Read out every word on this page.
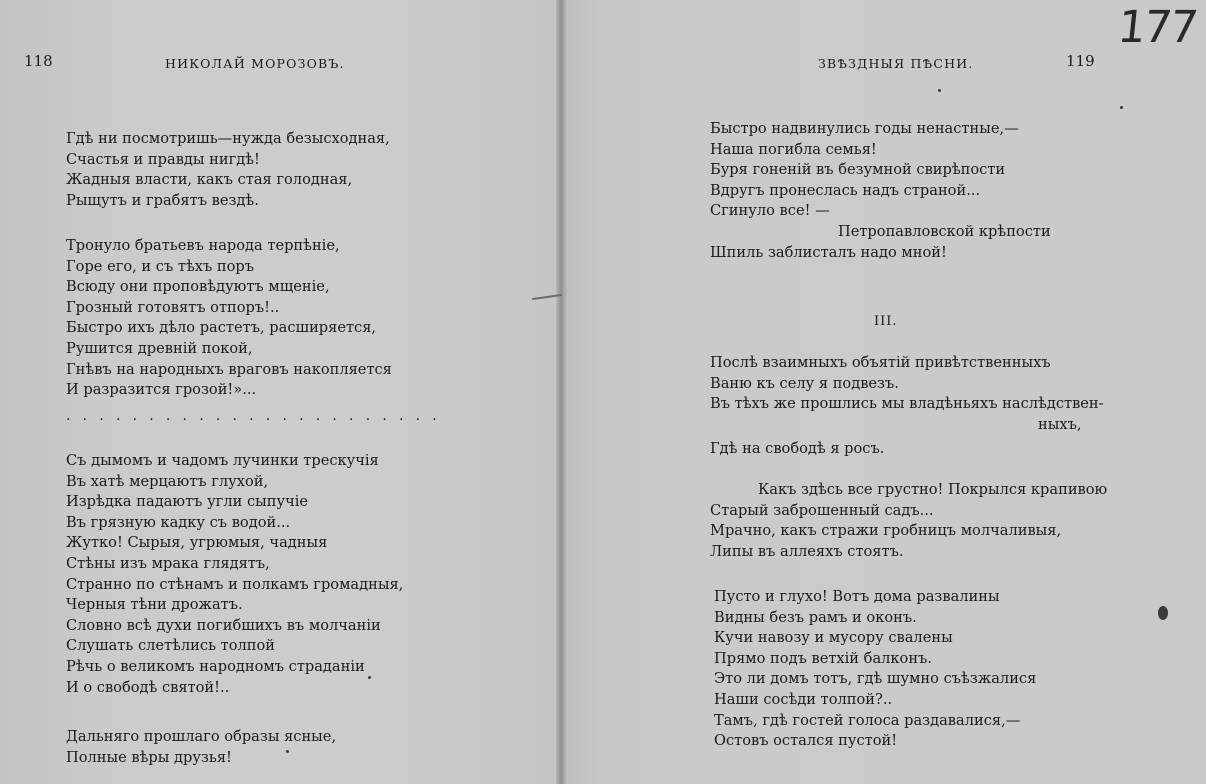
118	НИКОЛАЙ МОРОЗОВЪ.
Гдѣ ни посмотришь—нужда безысходная,
Счастья и правды нигдѣ!
Жадныя власти, какъ стая голодная,
Рыщутъ и грабятъ вездѣ.
Тронуло братьевъ народа терпѣніе,
Горе его, и съ тѣхъ поръ
Всюду они проповѣдуютъ мщеніе,
Грозный готовятъ отпоръ!..
Быстро ихъ дѣло растетъ, расширяется,
Рушится древній покой,
Гнѣвъ на народныхъ враговъ накопляется
И разразится грозой!»...
·······················
Съ дымомъ и чадомъ лучинки трескучія
Въ хатѣ мерцаютъ глухой,
Изрѣдка падаютъ угли сыпучіе
Въ грязную кадку съ водой...
Жутко! Сырыя, угрюмыя, чадныя
Стѣны изъ мрака глядятъ,
Странно по стѣнамъ и полкамъ громадныя,
Черныя тѣни дрожатъ.
Словно всѣ духи погибшихъ въ молчаніи
Слушать слетѣлись толпой
Рѣчь о великомъ народномъ страданіи
И о свободѣ святой!..
Дальняго прошлаго образы ясные,
Полные вѣры друзья!
ЗВѢЗДНЫЯ ПѢСНИ.	119
177
Быстро надвинулись годы ненастные,—
Наша погибла семья!
Буря гоненій въ безумной свирѣпости
Вдругъ пронеслась надъ страной...
Сгинуло все! —
Петропавловской крѣпости
Шпиль заблисталъ надо мной!
III.
Послѣ взаимныхъ объятій привѣтственныхъ
Ваню къ селу я подвезъ.
Въ тѣхъ же прошлись мы владѣньяхъ наслѣдствен-
ныхъ,
Гдѣ на свободѣ я росъ.
Какъ здѣсь все грустно! Покрылся крапивою
Старый заброшенный садъ...
Мрачно, какъ стражи гробницъ молчаливыя,
Липы въ аллеяхъ стоятъ.
Пусто и глухо! Вотъ дома развалины
Видны безъ рамъ и оконъ.
Кучи навозу и мусору свалены
Прямо подъ ветхій балконъ.
Это ли домъ тотъ, гдѣ шумно съѣзжалися
Наши сосѣди толпой?..
Тамъ, гдѣ гостей голоса раздавалися,—
Остовъ остался пустой!
